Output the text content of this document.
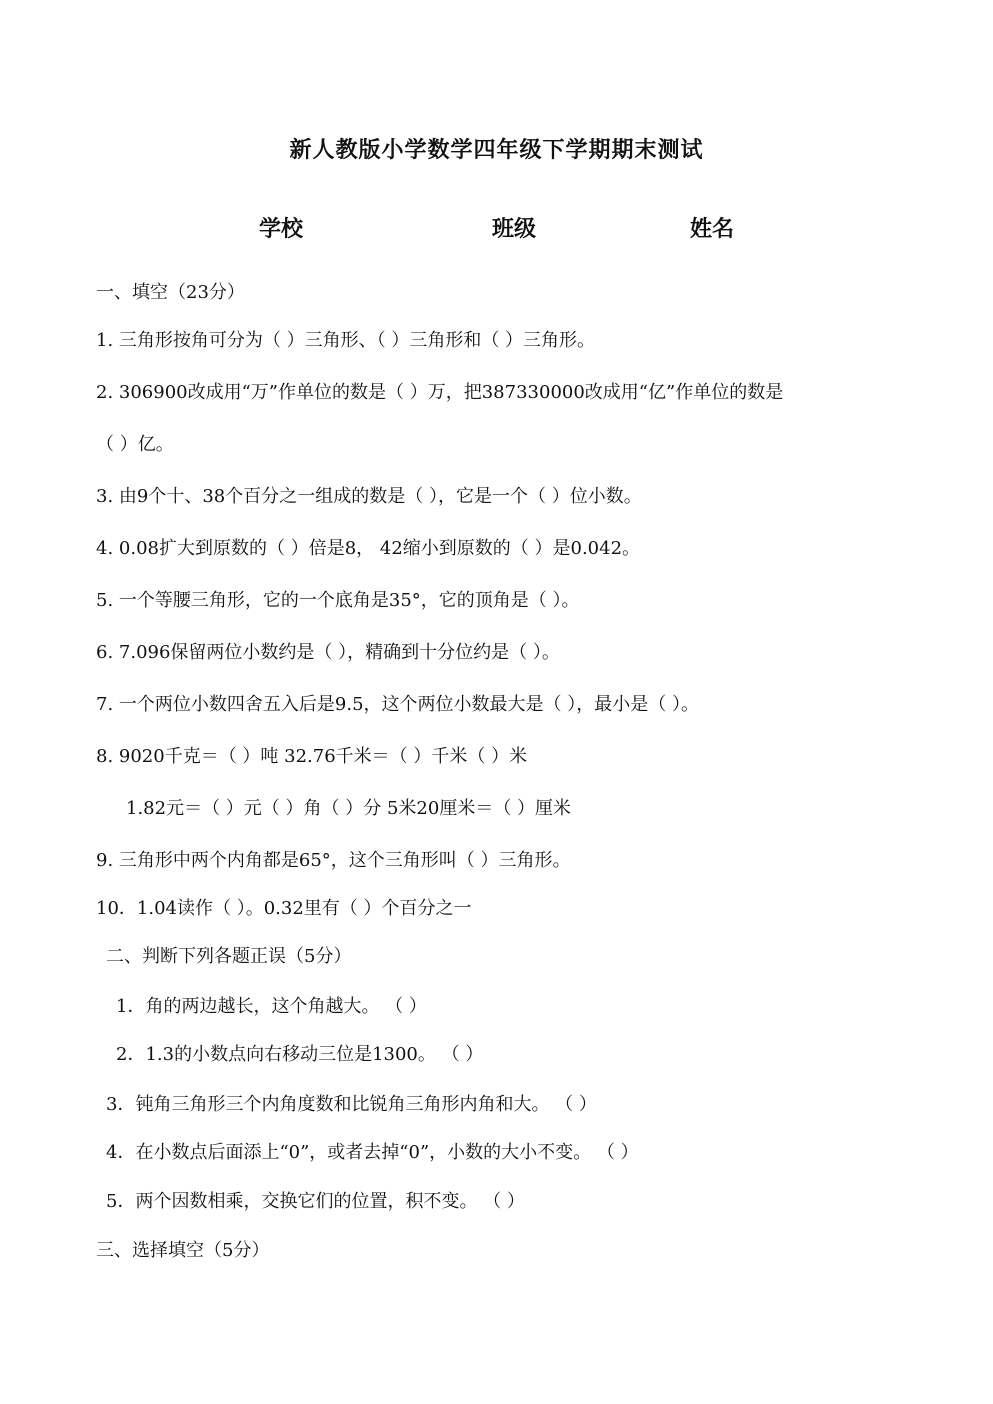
新人教版小学数学四年级下学期期末测试
学校	班级	姓名
一、填空（23分）
1. 三角形按角可分为（ ）三角形、（ ）三角形和（ ）三角形。
2. 306900改成用“万”作单位的数是（ ）万，把387330000改成用“亿”作单位的数是
（ ）亿。
3. 由9个十、38个百分之一组成的数是（ ），它是一个（ ）位小数。
4. 0.08扩大到原数的（ ）倍是8， 42缩小到原数的（ ）是0.042。
5. 一个等腰三角形，它的一个底角是35°，它的顶角是（ ）。
6. 7.096保留两位小数约是（ ），精确到十分位约是（ ）。
7. 一个两位小数四舍五入后是9.5，这个两位小数最大是（ ），最小是（ ）。
8. 9020千克＝（ ）吨 32.76千米＝（ ）千米（ ）米
1.82元＝（ ）元（ ）角（ ）分 5米20厘米＝（ ）厘米
9. 三角形中两个内角都是65°，这个三角形叫（ ）三角形。
10．1.04读作（ ）。0.32里有（ ）个百分之一
二、判断下列各题正误（5分）
1．角的两边越长，这个角越大。 （ ）
2．1.3的小数点向右移动三位是1300。 （ ）
3．钝角三角形三个内角度数和比锐角三角形内角和大。 （ ）
4．在小数点后面添上“0”，或者去掉“0”，小数的大小不变。 （ ）
5．两个因数相乘，交换它们的位置，积不变。 （ ）
三、选择填空（5分）
